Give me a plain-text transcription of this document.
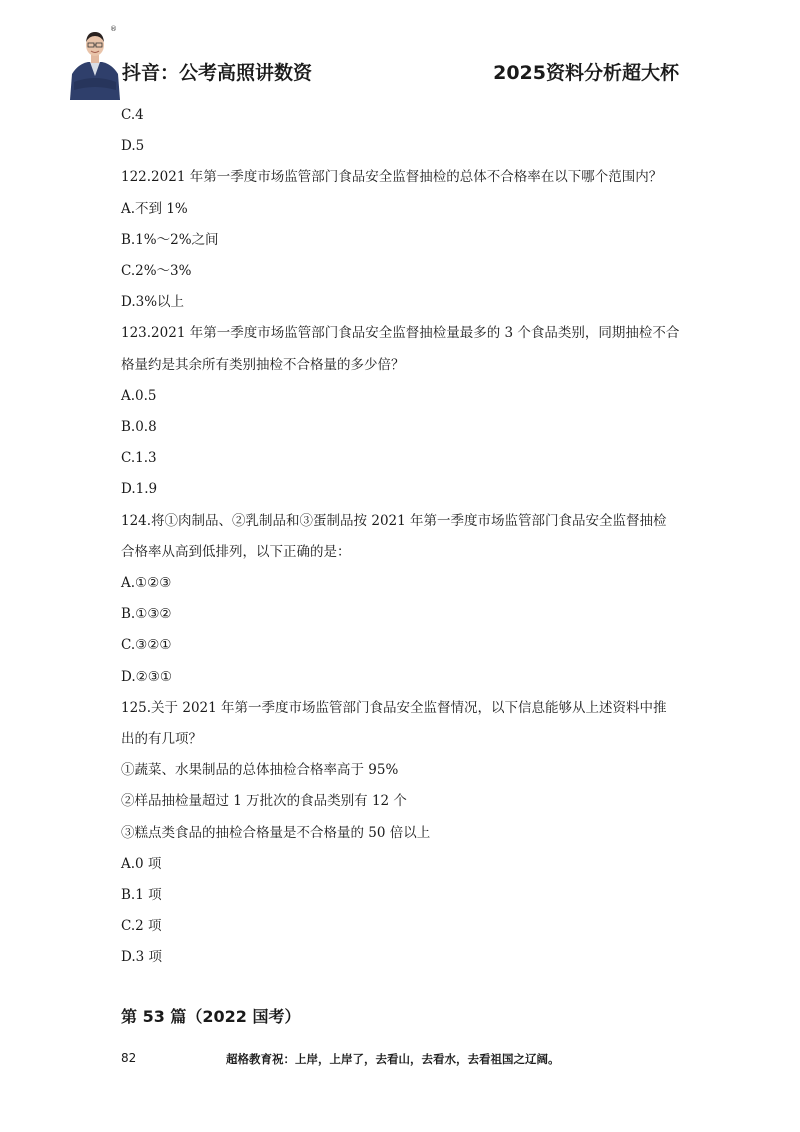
®
抖音：公考高照讲数资	2025资料分析超大杯

C.4

D.5

122.2021 年第一季度市场监管部门食品安全监督抽检的总体不合格率在以下哪个范围内？

A.不到 1%

B.1%～2%之间

C.2%～3%

D.3%以上

123.2021 年第一季度市场监管部门食品安全监督抽检量最多的 3 个食品类别，同期抽检不合

格量约是其余所有类别抽检不合格量的多少倍？

A.0.5

B.0.8

C.1.3

D.1.9

124.将①肉制品、②乳制品和③蛋制品按 2021 年第一季度市场监管部门食品安全监督抽检

合格率从高到低排列，以下正确的是：

A.①②③

B.①③②

C.③②①

D.②③①

125.关于 2021 年第一季度市场监管部门食品安全监督情况，以下信息能够从上述资料中推

出的有几项？

①蔬菜、水果制品的总体抽检合格率高于 95%

②样品抽检量超过 1 万批次的食品类别有 12 个

③糕点类食品的抽检合格量是不合格量的 50 倍以上

A.0 项

B.1 项

C.2 项

D.3 项

第 53 篇（2022 国考）
82	超格教育祝：上岸，上岸了，去看山，去看水，去看祖国之辽阔。
